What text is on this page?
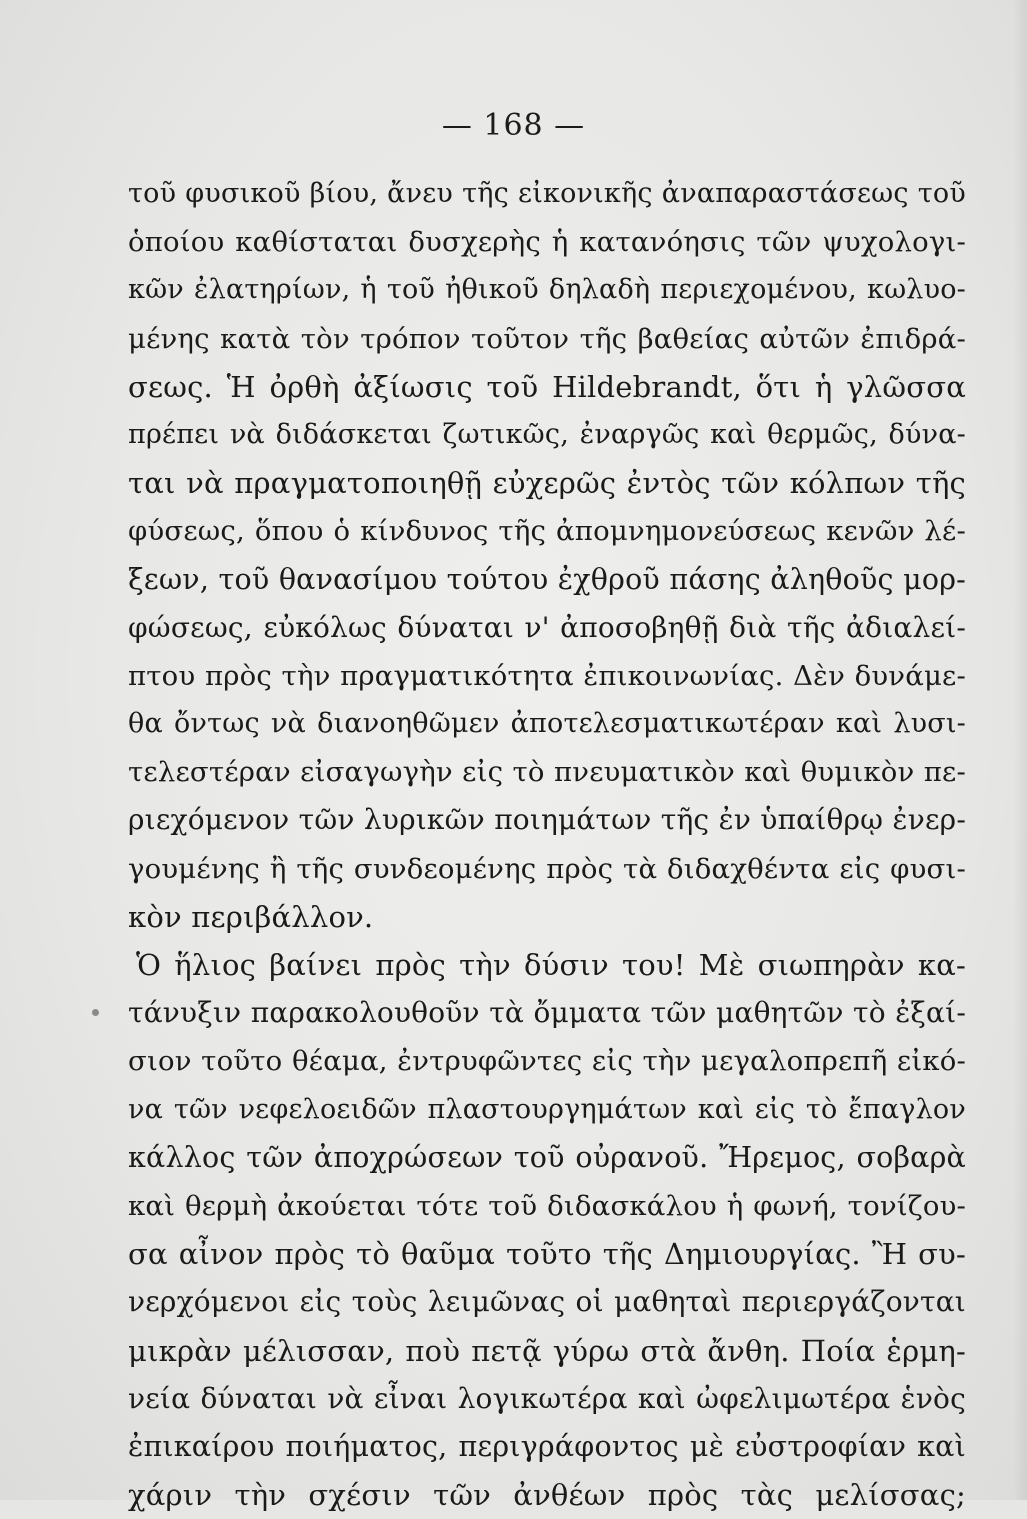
— 168 —
τοῦ φυσικοῦ βίου, ἄνευ τῆς εἰκονικῆς ἀναπαραστάσεως τοῦ
ὁποίου καθίσταται δυσχερὴς ἡ κατανόησις τῶν ψυχολογι-
κῶν ἐλατηρίων, ἡ τοῦ ἠθικοῦ δηλαδὴ περιεχομένου, κωλυο-
μένης κατὰ τὸν τρόπον τοῦτον τῆς βαθείας αὐτῶν ἐπιδρά-
σεως. Ἡ ὀρθὴ ἀξίωσις τοῦ Hildebrandt, ὅτι ἡ γλῶσσα
πρέπει νὰ διδάσκεται ζωτικῶς, ἐναργῶς καὶ θερμῶς, δύνα-
ται νὰ πραγματοποιηθῇ εὐχερῶς ἐντὸς τῶν κόλπων τῆς
φύσεως, ὅπου ὁ κίνδυνος τῆς ἀπομνημονεύσεως κενῶν λέ-
ξεων, τοῦ θανασίμου τούτου ἐχθροῦ πάσης ἀληθοῦς μορ-
φώσεως, εὐκόλως δύναται ν' ἀποσοβηθῇ διὰ τῆς ἀδιαλεί-
πτου πρὸς τὴν πραγματικότητα ἐπικοινωνίας. Δὲν δυνάμε-
θα ὄντως νὰ διανοηθῶμεν ἀποτελεσματικωτέραν καὶ λυσι-
τελεστέραν εἰσαγωγὴν εἰς τὸ πνευματικὸν καὶ θυμικὸν πε-
ριεχόμενον τῶν λυρικῶν ποιημάτων τῆς ἐν ὑπαίθρῳ ἐνερ-
γουμένης ἢ τῆς συνδεομένης πρὸς τὰ διδαχθέντα εἰς φυσι-
κὸν περιβάλλον.
Ὁ ἥλιος βαίνει πρὸς τὴν δύσιν του! Μὲ σιωπηρὰν κα-
τάνυξιν παρακολουθοῦν τὰ ὄμματα τῶν μαθητῶν τὸ ἐξαί-
σιον τοῦτο θέαμα, ἐντρυφῶντες εἰς τὴν μεγαλοπρεπῆ εἰκό-
να τῶν νεφελοειδῶν πλαστουργημάτων καὶ εἰς τὸ ἔπαγλον
κάλλος τῶν ἀποχρώσεων τοῦ οὐρανοῦ. Ἤρεμος, σοβαρὰ
καὶ θερμὴ ἀκούεται τότε τοῦ διδασκάλου ἡ φωνή, τονίζου-
σα αἶνον πρὸς τὸ θαῦμα τοῦτο τῆς Δημιουργίας. Ἢ συ-
νερχόμενοι εἰς τοὺς λειμῶνας οἱ μαθηταὶ περιεργάζονται
μικρὰν μέλισσαν, ποὺ πετᾷ γύρω στὰ ἄνθη. Ποία ἑρμη-
νεία δύναται νὰ εἶναι λογικωτέρα καὶ ὠφελιμωτέρα ἑνὸς
ἐπικαίρου ποιήματος, περιγράφοντος μὲ εὐστροφίαν καὶ
χάριν τὴν σχέσιν τῶν ἀνθέων πρὸς τὰς μελίσσας;
